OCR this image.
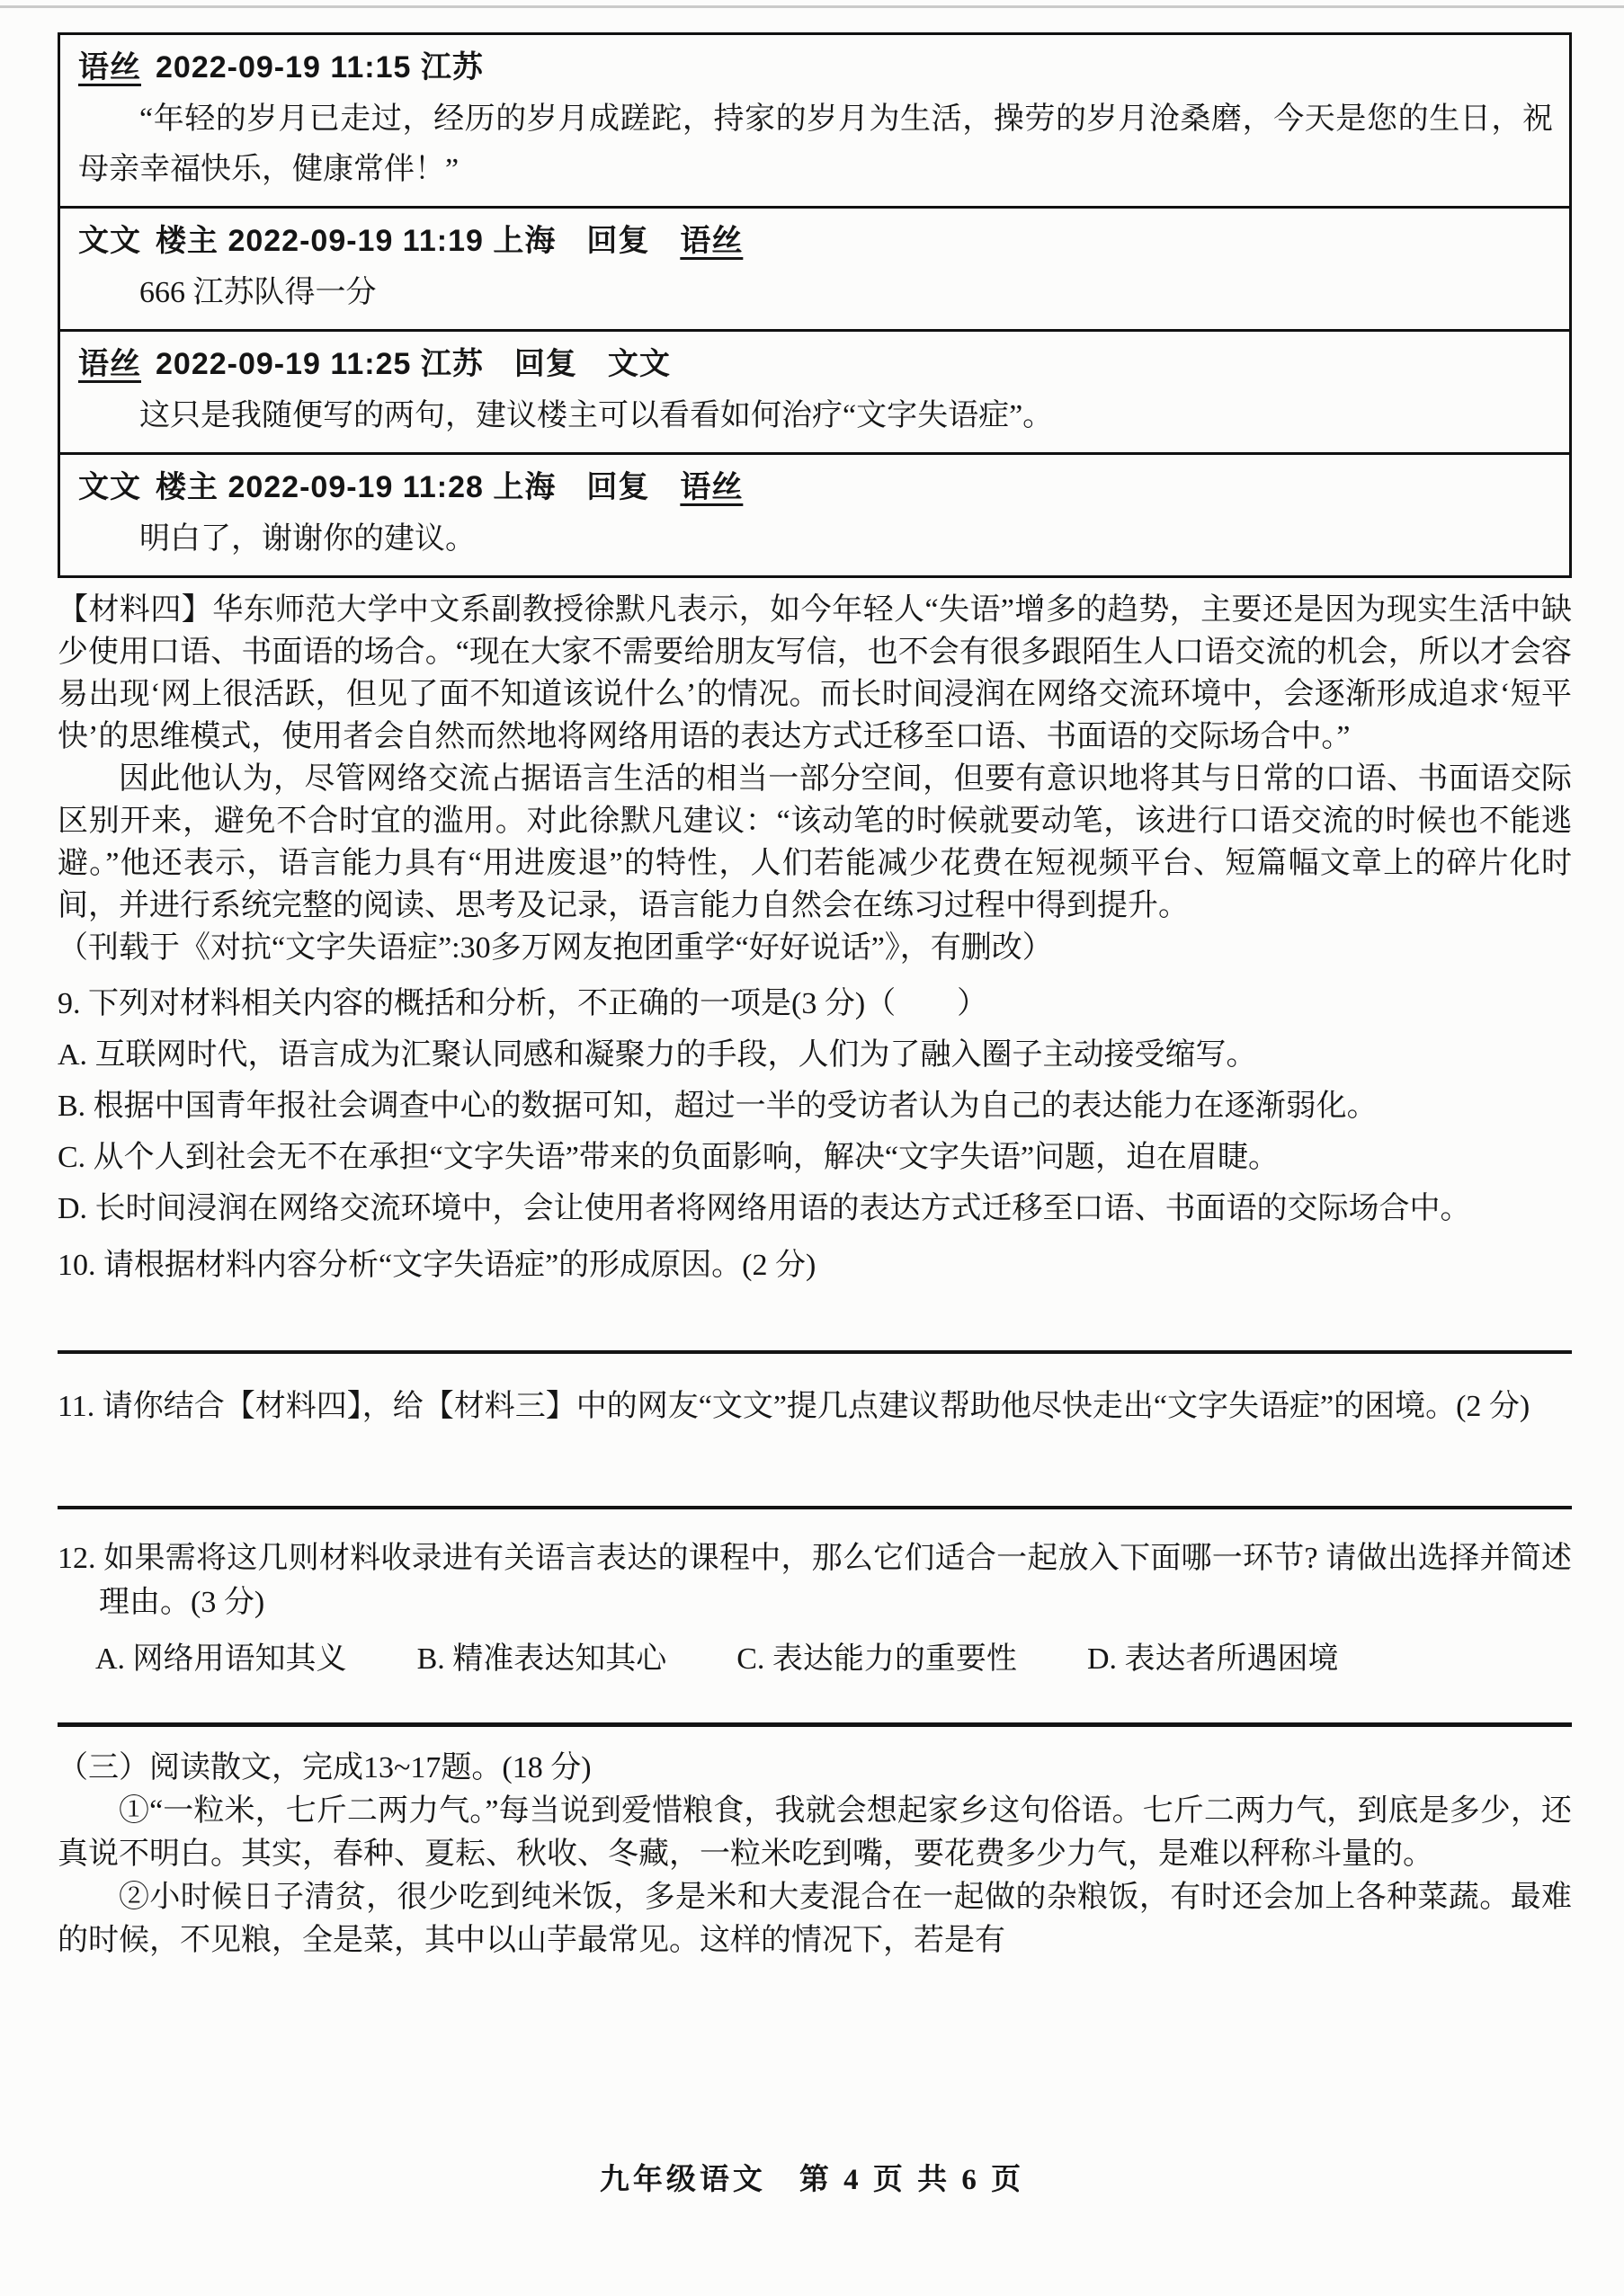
语丝 2022-09-19 11:15 江苏
“年轻的岁月已走过，经历的岁月成蹉跎，持家的岁月为生活，操劳的岁月沧桑磨，今天是您的生日，祝母亲幸福快乐，健康常伴！”
文文 楼主 2022-09-19 11:19 上海 回复 语丝
666 江苏队得一分
语丝 2022-09-19 11:25 江苏 回复 文文
这只是我随便写的两句，建议楼主可以看看如何治疗“文字失语症”。
文文 楼主 2022-09-19 11:28 上海 回复 语丝
明白了，谢谢你的建议。

【材料四】华东师范大学中文系副教授徐默凡表示，如今年轻人“失语”增多的趋势，主要还是因为现实生活中缺少使用口语、书面语的场合。“现在大家不需要给朋友写信，也不会有很多跟陌生人口语交流的机会，所以才会容易出现‘网上很活跃，但见了面不知道该说什么’的情况。而长时间浸润在网络交流环境中，会逐渐形成追求‘短平快’的思维模式，使用者会自然而然地将网络用语的表达方式迁移至口语、书面语的交际场合中。”

因此他认为，尽管网络交流占据语言生活的相当一部分空间，但要有意识地将其与日常的口语、书面语交际区别开来，避免不合时宜的滥用。对此徐默凡建议：“该动笔的时候就要动笔，该进行口语交流的时候也不能逃避。”他还表示，语言能力具有“用进废退”的特性，人们若能减少花费在短视频平台、短篇幅文章上的碎片化时间，并进行系统完整的阅读、思考及记录，语言能力自然会在练习过程中得到提升。

（刊载于《对抗“文字失语症”:30多万网友抱团重学“好好说话”》，有删改）

9. 下列对材料相关内容的概括和分析，不正确的一项是(3 分)（　　）
A. 互联网时代，语言成为汇聚认同感和凝聚力的手段，人们为了融入圈子主动接受缩写。
B. 根据中国青年报社会调查中心的数据可知，超过一半的受访者认为自己的表达能力在逐渐弱化。
C. 从个人到社会无不在承担“文字失语”带来的负面影响，解决“文字失语”问题，迫在眉睫。
D. 长时间浸润在网络交流环境中，会让使用者将网络用语的表达方式迁移至口语、书面语的交际场合中。
10. 请根据材料内容分析“文字失语症”的形成原因。(2 分)
11. 请你结合【材料四】，给【材料三】中的网友“文文”提几点建议帮助他尽快走出“文字失语症”的困境。(2 分)
12. 如果需将这几则材料收录进有关语言表达的课程中，那么它们适合一起放入下面哪一环节? 请做出选择并简述理由。(3 分)
A. 网络用语知其义 B. 精准表达知其心 C. 表达能力的重要性 D. 表达者所遇困境

（三）阅读散文，完成13~17题。(18 分)

①“一粒米，七斤二两力气。”每当说到爱惜粮食，我就会想起家乡这句俗语。七斤二两力气，到底是多少，还真说不明白。其实，春种、夏耘、秋收、冬藏，一粒米吃到嘴，要花费多少力气，是难以秤称斗量的。

②小时候日子清贫，很少吃到纯米饭，多是米和大麦混合在一起做的杂粮饭，有时还会加上各种菜蔬。最难的时候，不见粮，全是菜，其中以山芋最常见。这样的情况下，若是有

九年级语文　第 4 页 共 6 页
